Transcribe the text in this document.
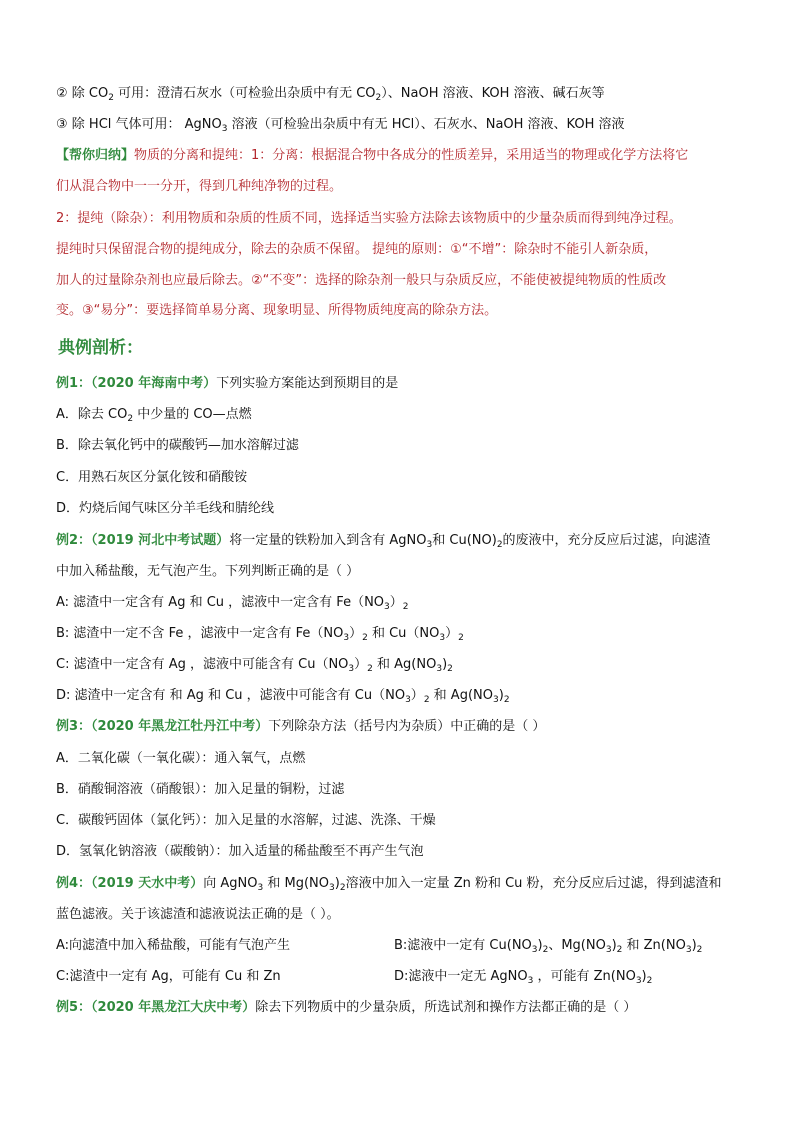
② 除 $CO_2$ 可用：澄清石灰水（可检验出杂质中有无 $CO_2$）、NaOH 溶液、KOH 溶液、碱石灰等
③ 除 HCl 气体可用： AgNO$_3$ 溶液（可检验出杂质中有无 HCl）、石灰水、NaOH 溶液、KOH 溶液
【帮你归纳】物质的分离和提纯：1：分离：根据混合物中各成分的性质差异，采用适当的物理或化学方法将它
们从混合物中一一分开，得到几种纯净物的过程。
2：提纯（除杂）：利用物质和杂质的性质不同，选择适当实验方法除去该物质中的少量杂质而得到纯净过程。
提纯时只保留混合物的提纯成分，除去的杂质不保留。 提纯的原则：①“不增”：除杂时不能引人新杂质，
加人的过量除杂剂也应最后除去。②“不变”：选择的除杂剂一般只与杂质反应，不能使被提纯物质的性质改
变。③“易分”：要选择简单易分离、现象明显、所得物质纯度高的除杂方法。
典例剖析：
例1：（2020 年海南中考）下列实验方案能达到预期目的是
A．除去 $CO_2$ 中少量的 CO—点燃
B．除去氧化钙中的碳酸钙—加水溶解过滤
C．用熟石灰区分氯化铵和硝酸铵
D．灼烧后闻气味区分羊毛线和腈纶线
例2：（2019 河北中考试题）将一定量的铁粉加入到含有 AgNO$_3$和 $Cu(NO)_2$的废液中，充分反应后过滤，向滤渣
中加入稀盐酸，无气泡产生。下列判断正确的是（ ）
A: 滤渣中一定含有 Ag 和 Cu ，滤液中一定含有 $Fe(NO_3)_2$
B: 滤渣中一定不含 Fe ，滤液中一定含有 $Fe(NO_3)_2$ 和 $Cu(NO_3)_2$
C: 滤渣中一定含有 Ag ，滤液中可能含有 $Cu(NO_3)_2$ 和 $Ag(NO_3)_2$
D: 滤渣中一定含有 和 Ag 和 Cu ，滤液中可能含有 $Cu(NO_3)_2$ 和 $Ag(NO_3)_2$
例3：（2020 年黑龙江牡丹江中考）下列除杂方法（括号内为杂质）中正确的是（ ）
A．二氧化碳（一氧化碳）：通入氧气，点燃
B．硝酸铜溶液（硝酸银）：加入足量的铜粉，过滤
C．碳酸钙固体（氯化钙）：加入足量的水溶解，过滤、洗涤、干燥
D．氢氧化钠溶液（碳酸钠）：加入适量的稀盐酸至不再产生气泡
例4：（2019 天水中考）向 AgNO$_3$ 和 $Mg(NO_3)_2$溶液中加入一定量 Zn 粉和 Cu 粉，充分反应后过滤，得到滤渣和
蓝色滤液。关于该滤渣和滤液说法正确的是（ ）。
A:向滤渣中加入稀盐酸，可能有气泡产生	B:滤液中一定有 $Cu(NO_3)_2$、$Mg(NO_3)_2$ 和 $Zn(NO_3)_2$
C:滤渣中一定有 Ag，可能有 Cu 和 Zn	D:滤液中一定无 AgNO$_3$ ，可能有 $Zn(NO_3)_2$
例5：（2020 年黑龙江大庆中考）除去下列物质中的少量杂质，所选试剂和操作方法都正确的是（ ）
